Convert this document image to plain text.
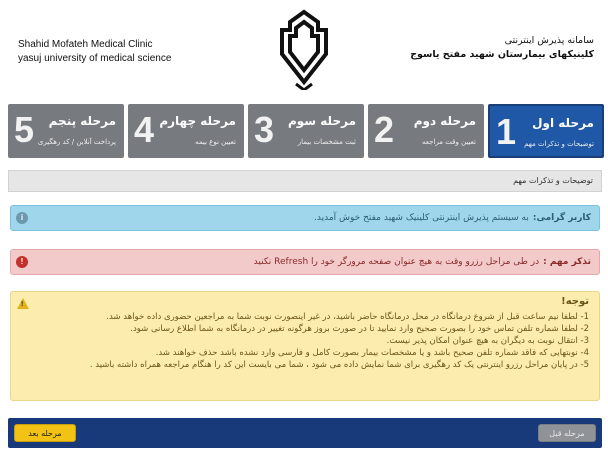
Shahid Mofateh Medical Clinic
yasuj university of medical science
سامانه پذیرش اینترنتی
کلینیکهای بیمارستان شهید مفتح یاسوج
1 مرحله اول
توضیحات و تذکرات مهم
2 مرحله دوم
تعیین وقت مراجعه
3 مرحله سوم
ثبت مشخصات بیمار
4 مرحله چهارم
تعیین نوع بیمه
5 مرحله پنجم
پرداخت آنلاین / کد رهگیری
توضیحات و تذکرات مهم
i	کاربر گرامی:به سیستم پذیرش اینترنتی کلینیک شهید مفتح خوش آمدید.
!	تذکر مهم :در طی مراحل رزرو وقت به هیچ عنوان صفحه مرورگر خود را Refresh نکنید
!
توجه!
1- لطفا نیم ساعت قبل از شروع درمانگاه در محل درمانگاه حاضر باشید، در غیر اینصورت نوبت شما به مراجعین حضوری داده خواهد شد.
2- لطفا شماره تلفن تماس خود را بصورت صحیح وارد نمایید تا در صورت بروز هرگونه تغییر در درمانگاه به شما اطلاع رسانی شود.
3- انتقال نوبت به دیگران به هیچ عنوان امکان پذیر نیست.
4- نوبتهایی که فاقد شماره تلفن صحیح باشد و یا مشخصات بیمار بصورت کامل و فارسی وارد نشده باشد حذف خواهند شد.
5- در پایان مراحل رزرو اینترنتی یک کد رهگیری برای شما نمایش داده می شود ، شما می بایست این کد را هنگام مراجعه همراه داشته باشید .
مرحله بعد	مرحله قبل
